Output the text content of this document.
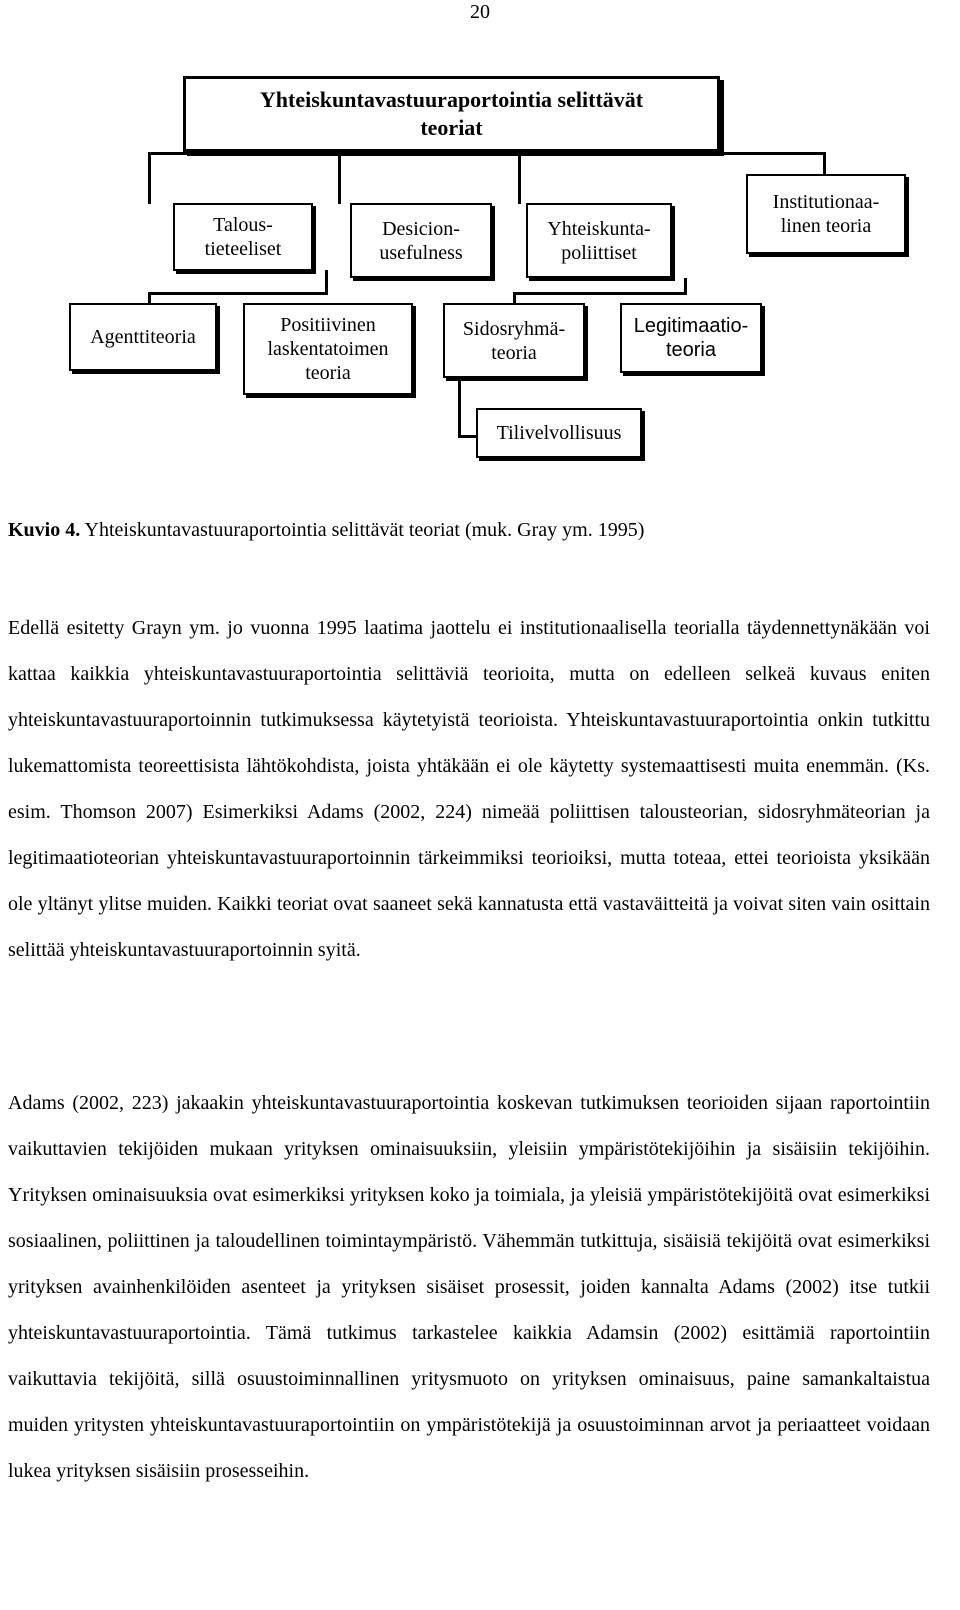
20
Yhteiskuntavastuuraportointia selittävät
teoriat
Talous-
tieteeliset
Desicion-
usefulness
Yhteiskunta-
poliittiset
Institutionaa-
linen teoria
Agenttiteoria
Positiivinen
laskentatoimen
teoria
Sidosryhmä-
teoria
Legitimaatio-
teoria
Tilivelvollisuus
Kuvio 4. Yhteiskuntavastuuraportointia selittävät teoriat (muk. Gray ym. 1995)

Edellä esitetty Grayn ym. jo vuonna 1995 laatima jaottelu ei institutionaalisella teorialla täydennettynäkään voi kattaa kaikkia yhteiskuntavastuuraportointia selittäviä teorioita, mutta on edelleen selkeä kuvaus eniten yhteiskuntavastuuraportoinnin tutkimuksessa käytetyistä teorioista. Yhteiskuntavastuuraportointia onkin tutkittu lukemattomista teoreettisista lähtökohdista, joista yhtäkään ei ole käytetty systemaattisesti muita enemmän. (Ks. esim. Thomson 2007) Esimerkiksi Adams (2002, 224) nimeää poliittisen talousteorian, sidosryhmäteorian ja legitimaatioteorian yhteiskuntavastuuraportoinnin tärkeimmiksi teorioiksi, mutta toteaa, ettei teorioista yksikään ole yltänyt ylitse muiden. Kaikki teoriat ovat saaneet sekä kannatusta että vastaväitteitä ja voivat siten vain osittain selittää yhteiskuntavastuuraportoinnin syitä.

Adams (2002, 223) jakaakin yhteiskuntavastuuraportointia koskevan tutkimuksen teorioiden sijaan raportointiin vaikuttavien tekijöiden mukaan yrityksen ominaisuuksiin, yleisiin ympäristötekijöihin ja sisäisiin tekijöihin. Yrityksen ominaisuuksia ovat esimerkiksi yrityksen koko ja toimiala, ja yleisiä ympäristötekijöitä ovat esimerkiksi sosiaalinen, poliittinen ja taloudellinen toimintaympäristö. Vähemmän tutkittuja, sisäisiä tekijöitä ovat esimerkiksi yrityksen avainhenkilöiden asenteet ja yrityksen sisäiset prosessit, joiden kannalta Adams (2002) itse tutkii yhteiskuntavastuuraportointia. Tämä tutkimus tarkastelee kaikkia Adamsin (2002) esittämiä raportointiin vaikuttavia tekijöitä, sillä osuustoiminnallinen yritysmuoto on yrityksen ominaisuus, paine samankaltaistua muiden yritysten yhteiskuntavastuuraportointiin on ympäristötekijä ja osuustoiminnan arvot ja periaatteet voidaan lukea yrityksen sisäisiin prosesseihin.
